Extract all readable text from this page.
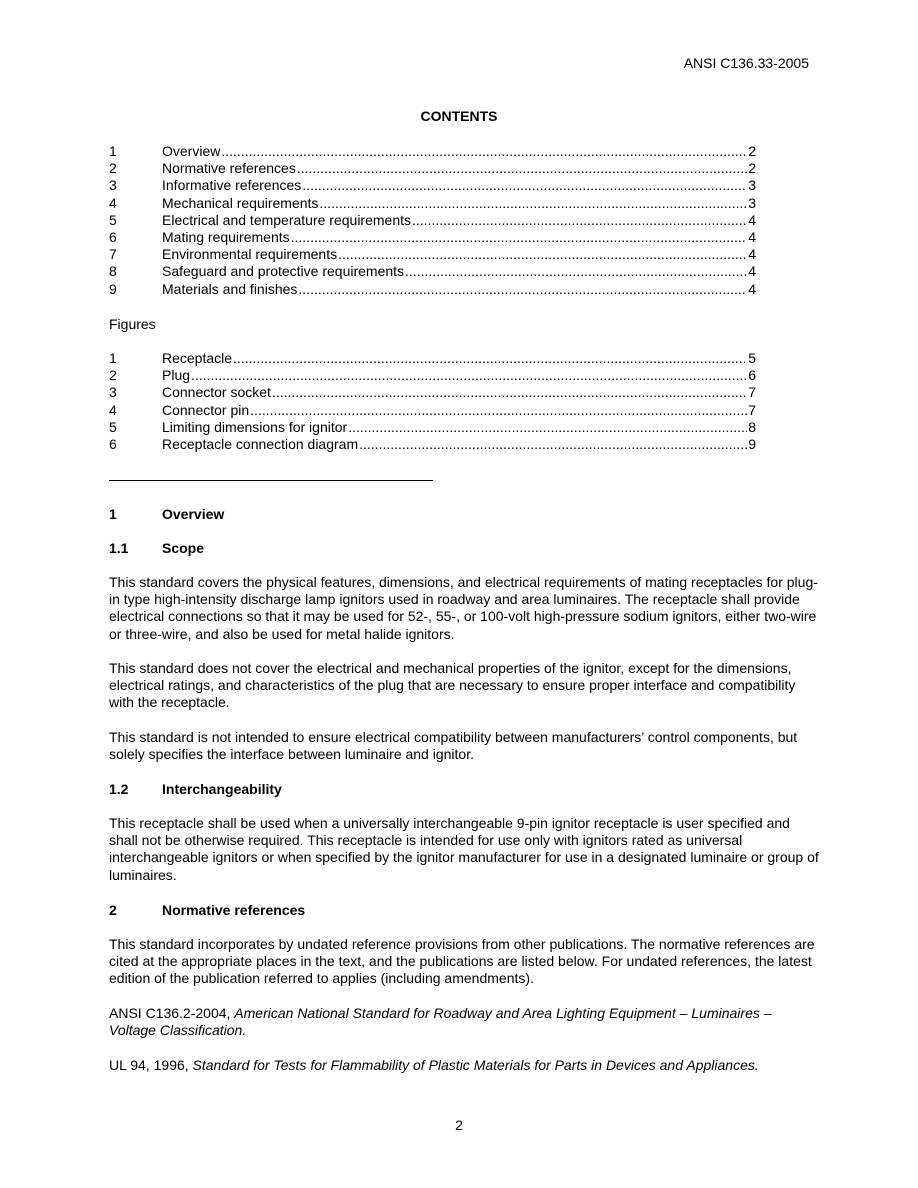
ANSI C136.33-2005
CONTENTS
1	Overview .....	2
2	Normative references .....	2
3	Informative references .....	3
4	Mechanical requirements .....	3
5	Electrical and temperature requirements .....	4
6	Mating requirements .....	4
7	Environmental requirements .....	4
8	Safeguard and protective requirements .....	4
9	Materials and finishes .....	4
Figures
1	Receptacle .....	5
2	Plug .....	6
3	Connector socket .....	7
4	Connector pin .....	7
5	Limiting dimensions for ignitor .....	8
6	Receptacle connection diagram .....	9
1	Overview
1.1	Scope

This standard covers the physical features, dimensions, and electrical requirements of mating receptacles for plug-in type high-intensity discharge lamp ignitors used in roadway and area luminaires. The receptacle shall provide electrical connections so that it may be used for 52-, 55-, or 100-volt high-pressure sodium ignitors, either two-wire or three-wire, and also be used for metal halide ignitors.

This standard does not cover the electrical and mechanical properties of the ignitor, except for the dimensions, electrical ratings, and characteristics of the plug that are necessary to ensure proper interface and compatibility with the receptacle.

This standard is not intended to ensure electrical compatibility between manufacturers’ control components, but solely specifies the interface between luminaire and ignitor.

1.2	Interchangeability

This receptacle shall be used when a universally interchangeable 9-pin ignitor receptacle is user specified and shall not be otherwise required. This receptacle is intended for use only with ignitors rated as universal interchangeable ignitors or when specified by the ignitor manufacturer for use in a designated luminaire or group of luminaires.

2	Normative references

This standard incorporates by undated reference provisions from other publications. The normative references are cited at the appropriate places in the text, and the publications are listed below. For undated references, the latest edition of the publication referred to applies (including amendments).

ANSI C136.2-2004, American National Standard for Roadway and Area Lighting Equipment – Luminaires – Voltage Classification.

UL 94, 1996, Standard for Tests for Flammability of Plastic Materials for Parts in Devices and Appliances.

2
